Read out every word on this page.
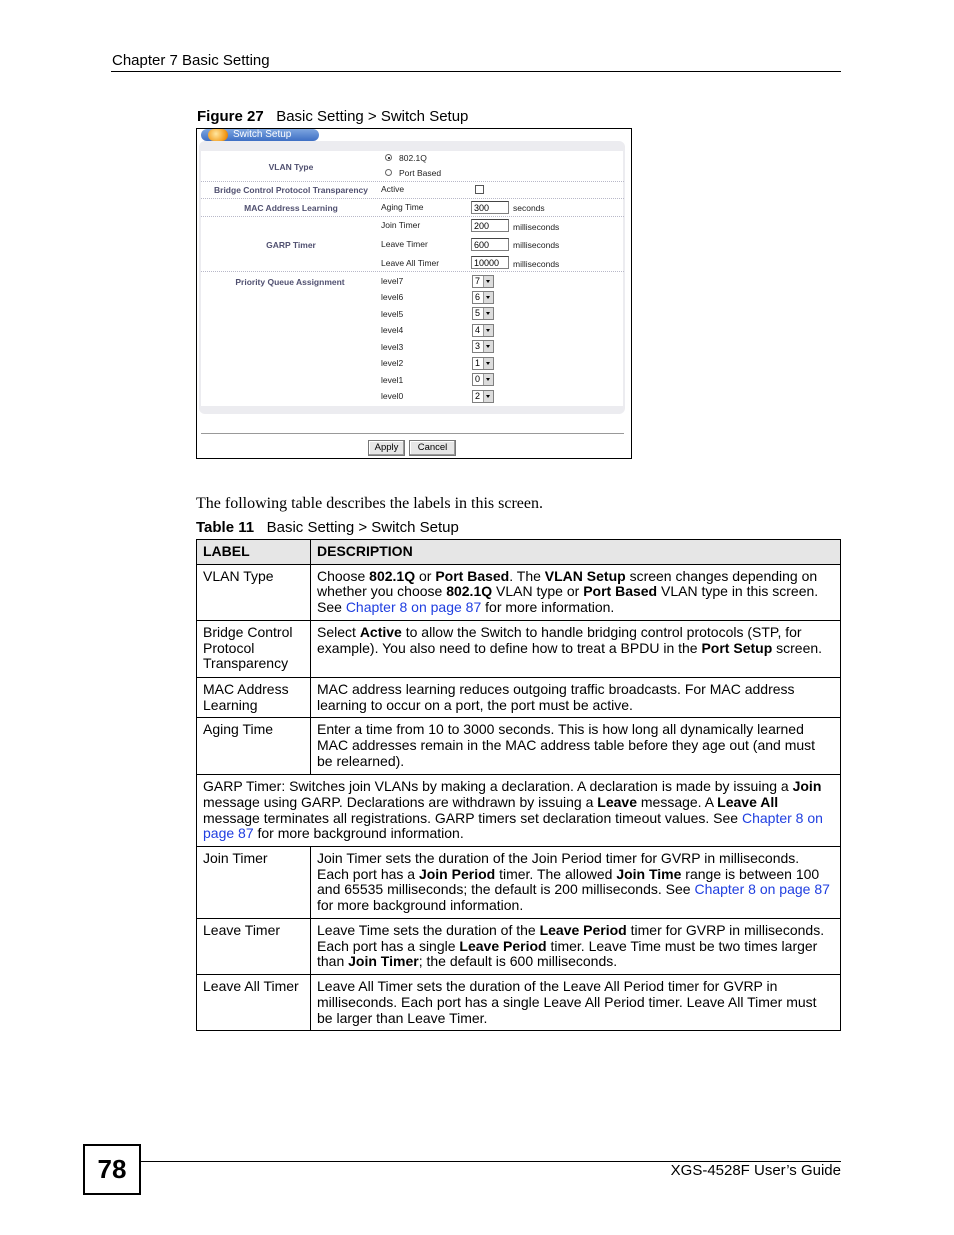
Chapter 7 Basic Setting
Figure 27 Basic Setting > Switch Setup
Switch Setup
VLAN Type
802.1Q
Port Based
Bridge Control Protocol Transparency	Active
MAC Address Learning	Aging Time	300	seconds
GARP Timer
Join Timer	200	milliseconds
Leave Timer	600	milliseconds
Leave All Timer	10000	milliseconds
Priority Queue Assignment	level7	7
level6	6
level5	5
level4	4
level3	3
level2	1
level1	0
level0	2
Apply	Cancel
The following table describes the labels in this screen.
Table 11 Basic Setting > Switch Setup
LABEL	DESCRIPTION
VLAN Type	Choose 802.1Q or Port Based. The VLAN Setup screen changes depending on whether you choose 802.1Q VLAN type or Port Based VLAN type in this screen. See Chapter 8 on page 87 for more information.
Bridge Control Protocol Transparency	Select Active to allow the Switch to handle bridging control protocols (STP, for example). You also need to define how to treat a BPDU in the Port Setup screen.
MAC Address Learning	MAC address learning reduces outgoing traffic broadcasts. For MAC address learning to occur on a port, the port must be active.
Aging Time	Enter a time from 10 to 3000 seconds. This is how long all dynamically learned MAC addresses remain in the MAC address table before they age out (and must be relearned).
GARP Timer: Switches join VLANs by making a declaration. A declaration is made by issuing a Join message using GARP. Declarations are withdrawn by issuing a Leave message. A Leave All message terminates all registrations. GARP timers set declaration timeout values. See Chapter 8 on page 87 for more background information.	
Join Timer	Join Timer sets the duration of the Join Period timer for GVRP in milliseconds. Each port has a Join Period timer. The allowed Join Time range is between 100 and 65535 milliseconds; the default is 200 milliseconds. See Chapter 8 on page 87 for more background information.
Leave Timer	Leave Time sets the duration of the Leave Period timer for GVRP in milliseconds. Each port has a single Leave Period timer. Leave Time must be two times larger than Join Timer; the default is 600 milliseconds.
Leave All Timer	Leave All Timer sets the duration of the Leave All Period timer for GVRP in milliseconds. Each port has a single Leave All Period timer. Leave All Timer must be larger than Leave Timer.
78	XGS-4528F User’s Guide
